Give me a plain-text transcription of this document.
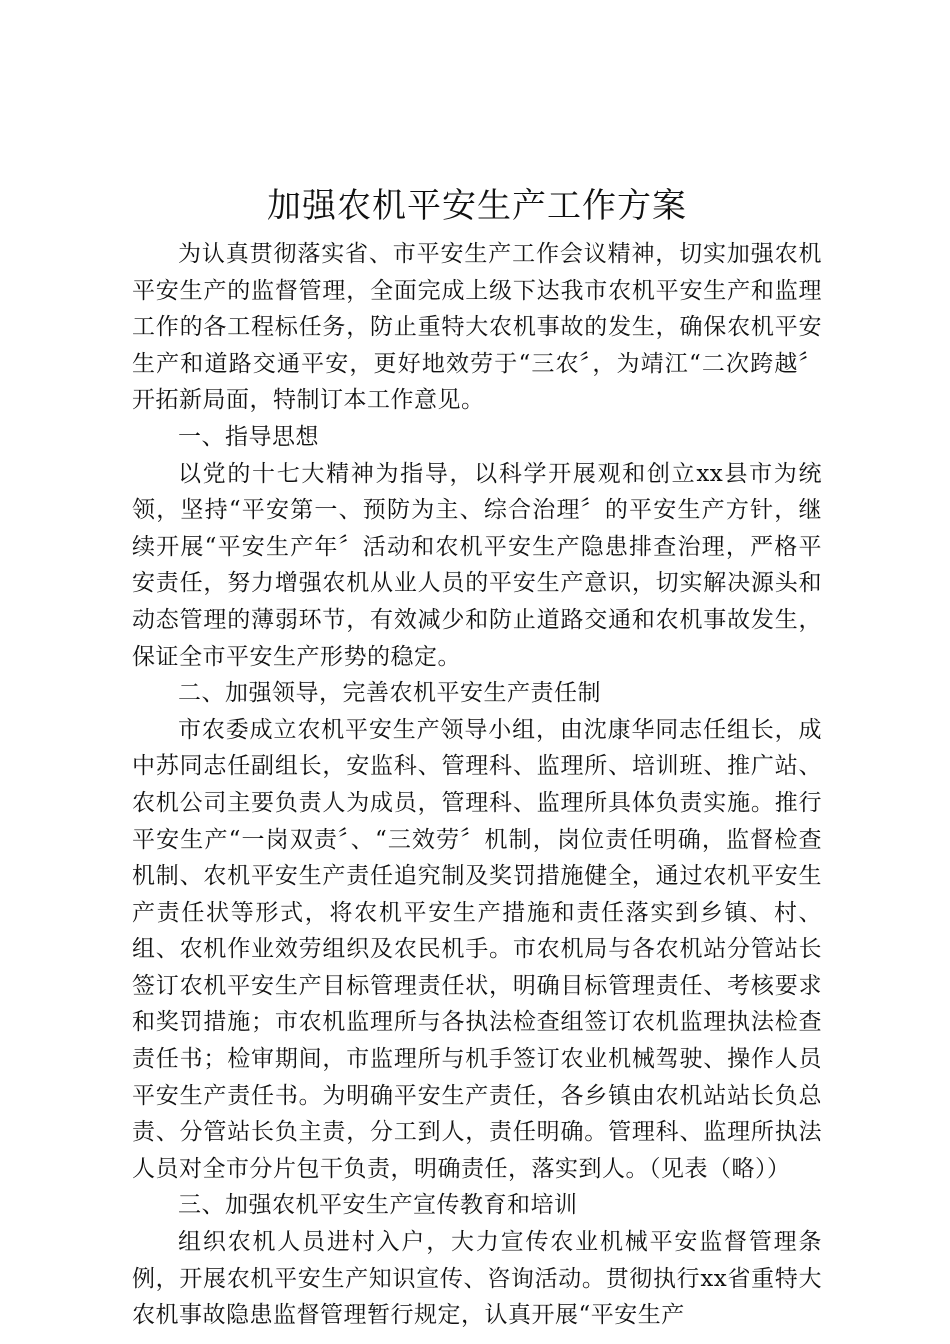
加强农机平安生产工作方案

为认真贯彻落实省、市平安生产工作会议精神，切实加强农机平安生产的监督管理，全面完成上级下达我市农机平安生产和监理工作的各工程标任务，防止重特大农机事故的发生，确保农机平安生产和道路交通平安，更好地效劳于“三农〞，为靖江“二次跨越〞开拓新局面，特制订本工作意见。

一、指导思想

以党的十七大精神为指导，以科学开展观和创立xx县市为统领，坚持“平安第一、预防为主、综合治理〞的平安生产方针，继续开展“平安生产年〞活动和农机平安生产隐患排查治理，严格平安责任，努力增强农机从业人员的平安生产意识，切实解决源头和动态管理的薄弱环节，有效减少和防止道路交通和农机事故发生，保证全市平安生产形势的稳定。

二、加强领导，完善农机平安生产责任制

市农委成立农机平安生产领导小组，由沈康华同志任组长，成中苏同志任副组长，安监科、管理科、监理所、培训班、推广站、农机公司主要负责人为成员，管理科、监理所具体负责实施。推行平安生产“一岗双责〞、“三效劳〞机制，岗位责任明确，监督检查机制、农机平安生产责任追究制及奖罚措施健全，通过农机平安生产责任状等形式，将农机平安生产措施和责任落实到乡镇、村、组、农机作业效劳组织及农民机手。市农机局与各农机站分管站长签订农机平安生产目标管理责任状，明确目标管理责任、考核要求和奖罚措施；市农机监理所与各执法检查组签订农机监理执法检查责任书；检审期间，市监理所与机手签订农业机械驾驶、操作人员平安生产责任书。为明确平安生产责任，各乡镇由农机站站长负总责、分管站长负主责，分工到人，责任明确。管理科、监理所执法人员对全市分片包干负责，明确责任，落实到人。（见表（略））

三、加强农机平安生产宣传教育和培训

组织农机人员进村入户，大力宣传农业机械平安监督管理条例，开展农机平安生产知识宣传、咨询活动。贯彻执行xx省重特大农机事故隐患监督管理暂行规定，认真开展“平安生产
